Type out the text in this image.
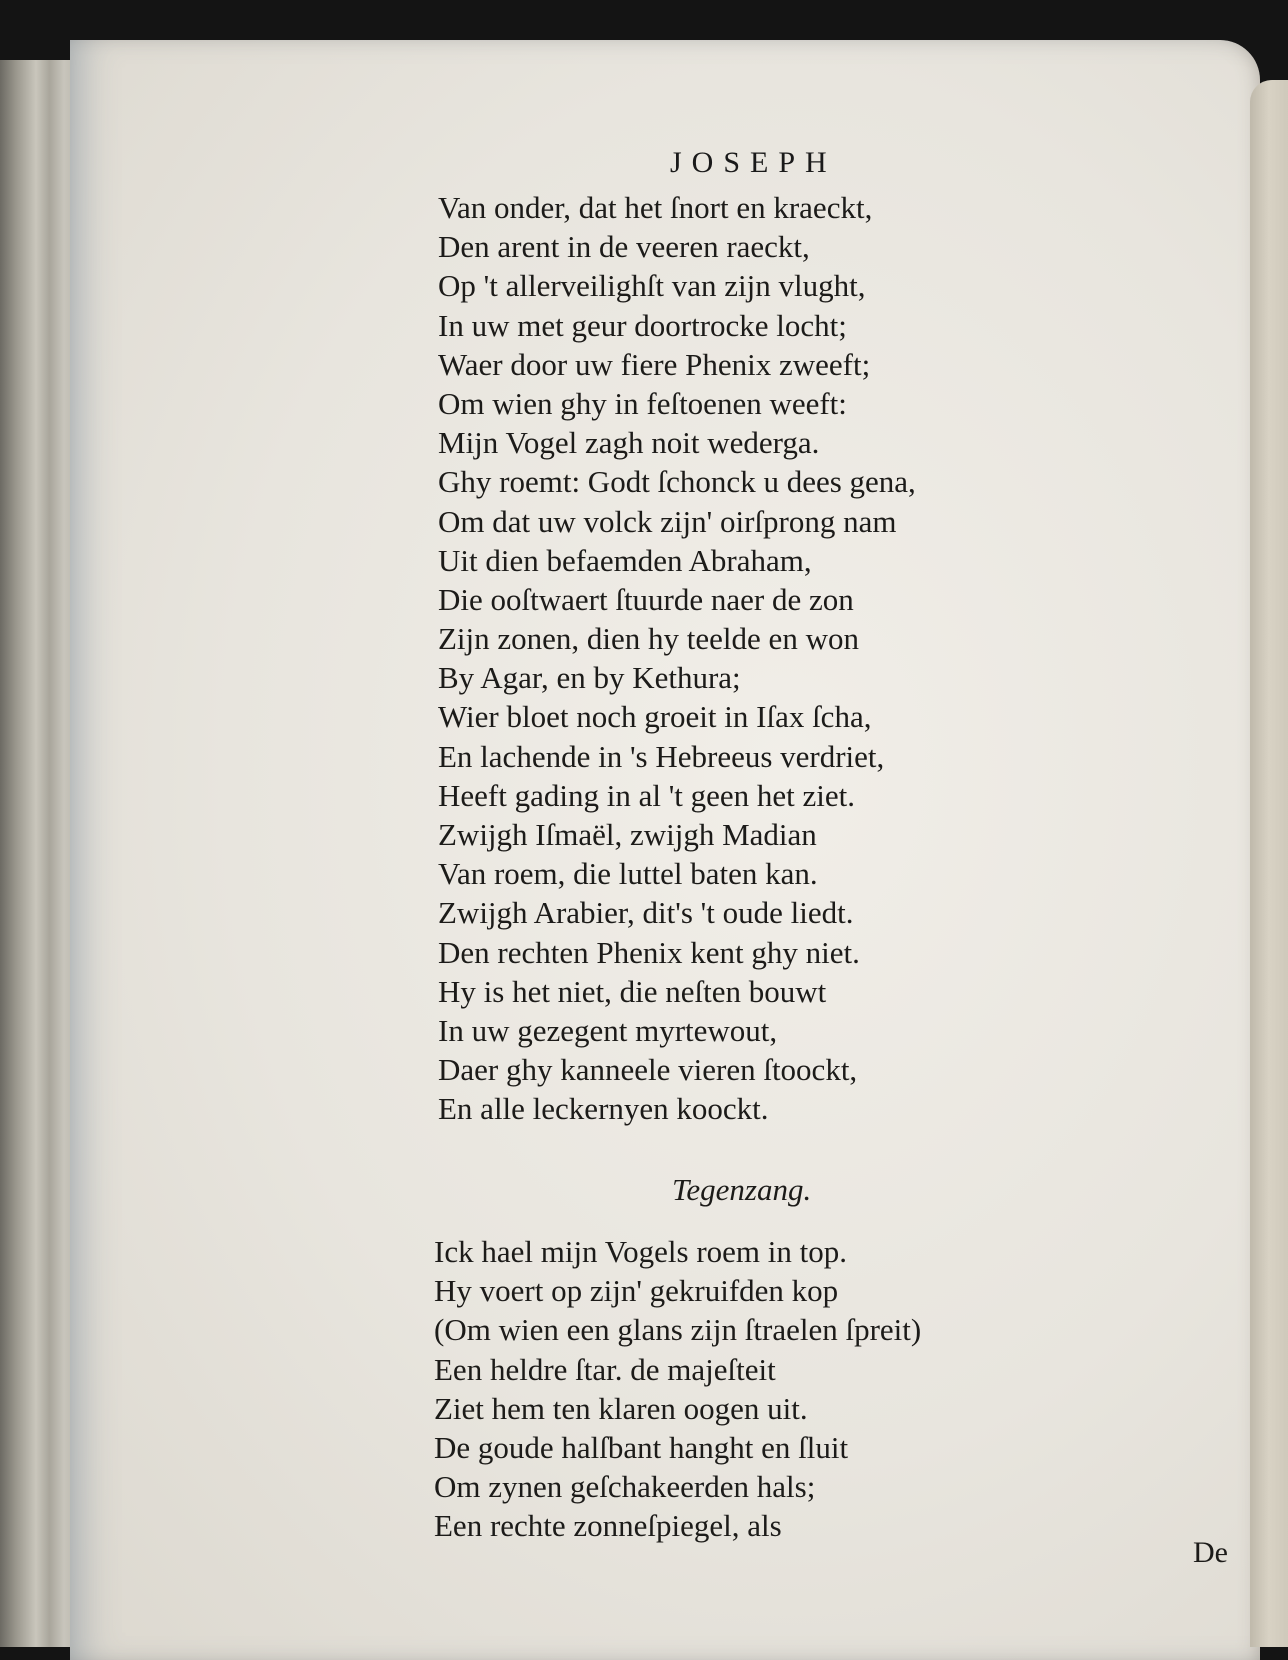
JOSEPH
Van onder, dat het ſnort en kraeckt,
Den arent in de veeren raeckt,
Op 't allerveilighſt van zijn vlught,
In uw met geur doortrocke locht;
Waer door uw fiere Phenix zweeft;
Om wien ghy in feſtoenen weeft:
Mijn Vogel zagh noit wederga.
Ghy roemt: Godt ſchonck u dees gena,
Om dat uw volck zijn' oirſprong nam
Uit dien befaemden Abraham,
Die ooſtwaert ſtuurde naer de zon
Zijn zonen, dien hy teelde en won
By Agar, en by Kethura;
Wier bloet noch groeit in Iſax ſcha,
En lachende in 's Hebreeus verdriet,
Heeft gading in al 't geen het ziet.
Zwijgh Iſmaël, zwijgh Madian
Van roem, die luttel baten kan.
Zwijgh Arabier, dit's 't oude liedt.
Den rechten Phenix kent ghy niet.
Hy is het niet, die neſten bouwt
In uw gezegent myrtewout,
Daer ghy kanneele vieren ſtoockt,
En alle leckernyen koockt.
Tegenzang.
Ick hael mijn Vogels roem in top.
Hy voert op zijn' gekruifden kop
(Om wien een glans zijn ſtraelen ſpreit)
Een heldre ſtar. de majeſteit
Ziet hem ten klaren oogen uit.
De goude halſbant hanght en ſluit
Om zynen geſchakeerden hals;
Een rechte zonneſpiegel, als
De
